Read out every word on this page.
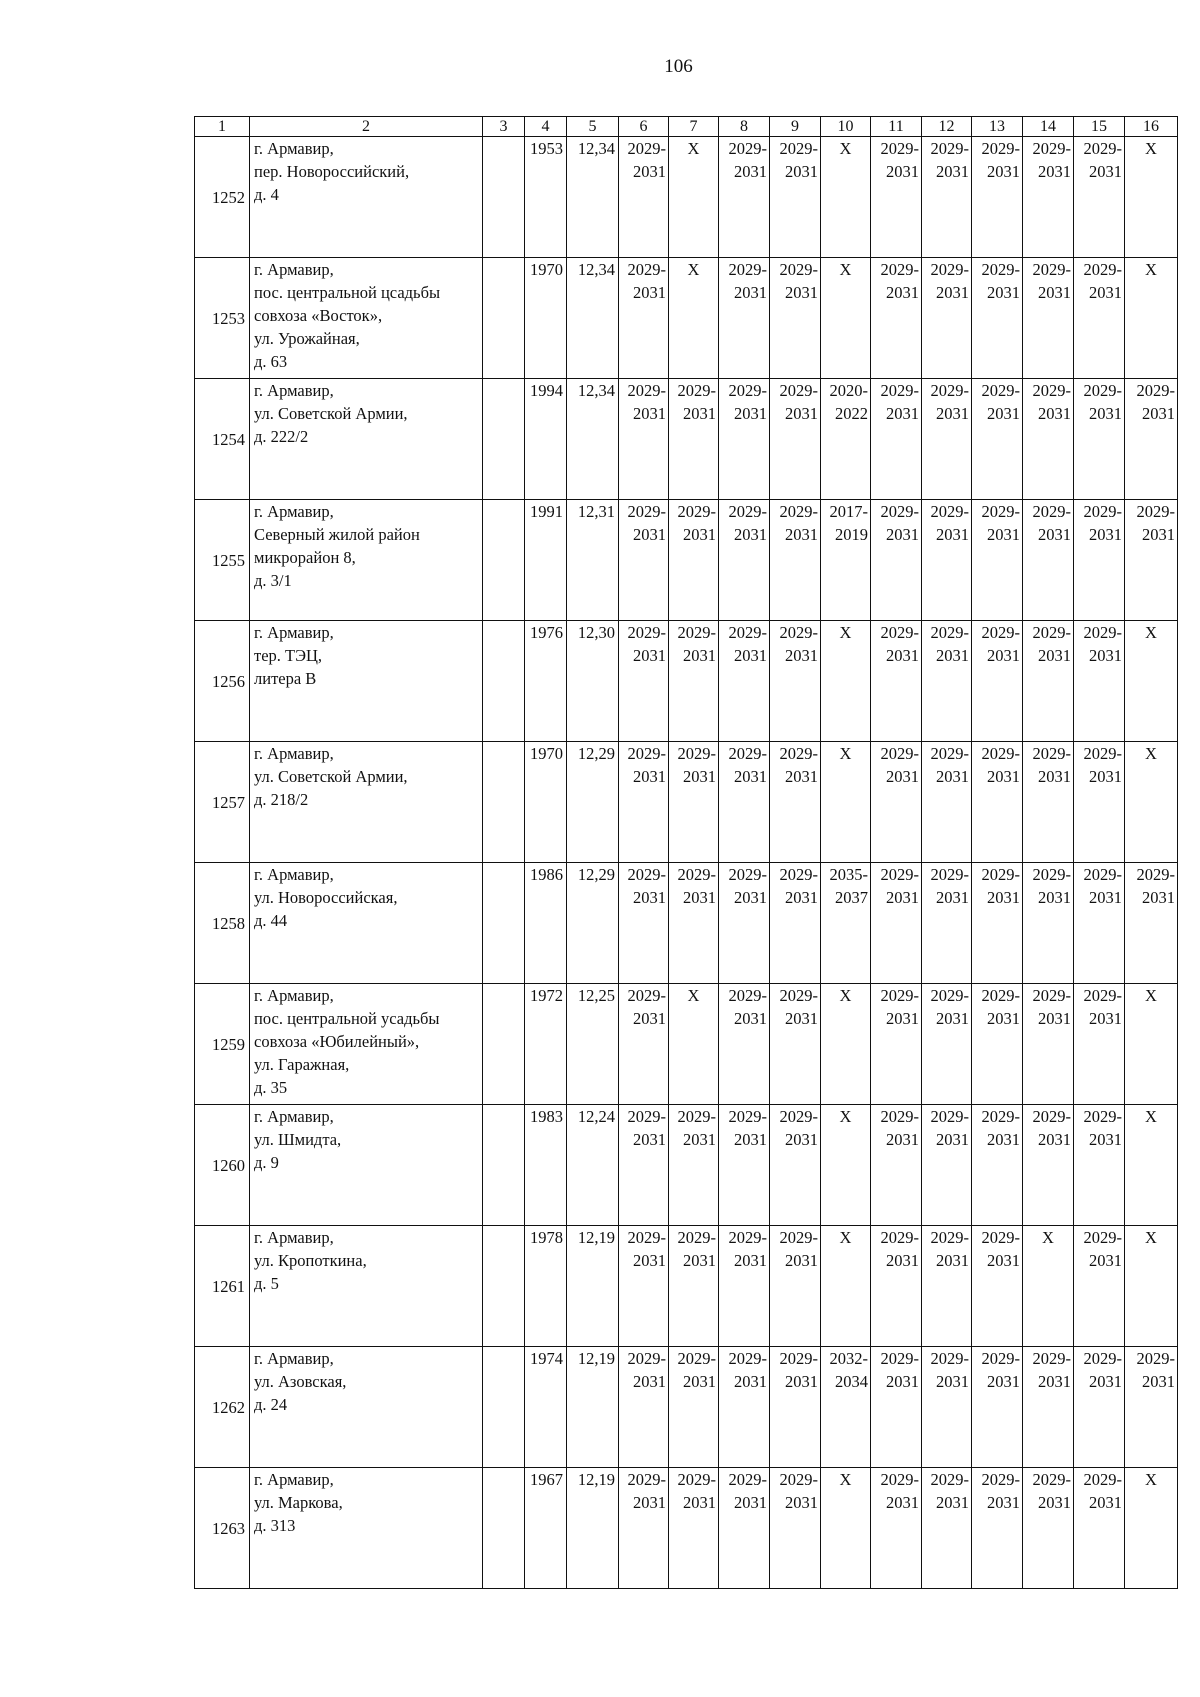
106
1	2	3	4	5	6	7	8	9	10	11	12	13	14	15	16
1252	г. Армавир,
пер. Новороссийский,
д. 4		1953	12,34	2029-
2031	X	2029-
2031	2029-
2031	X	2029-
2031	2029-
2031	2029-
2031	2029-
2031	2029-
2031	X

1253	г. Армавир,
пос. центральной цсадьбы
совхоза «Восток»,
ул. Урожайная,
д. 63		1970	12,34	2029-
2031	X	2029-
2031	2029-
2031	X	2029-
2031	2029-
2031	2029-
2031	2029-
2031	2029-
2031	X

1254	г. Армавир,
ул. Советской Армии,
д. 222/2		1994	12,34	2029-
2031	2029-
2031	2029-
2031	2029-
2031	2020-
2022	2029-
2031	2029-
2031	2029-
2031	2029-
2031	2029-
2031	2029-
2031

1255	г. Армавир,
Северный жилой район
микрорайон 8,
д. 3/1		1991	12,31	2029-
2031	2029-
2031	2029-
2031	2029-
2031	2017-
2019	2029-
2031	2029-
2031	2029-
2031	2029-
2031	2029-
2031	2029-
2031

1256	г. Армавир,
тер. ТЭЦ,
литера В		1976	12,30	2029-
2031	2029-
2031	2029-
2031	2029-
2031	X	2029-
2031	2029-
2031	2029-
2031	2029-
2031	2029-
2031	X

1257	г. Армавир,
ул. Советской Армии,
д. 218/2		1970	12,29	2029-
2031	2029-
2031	2029-
2031	2029-
2031	X	2029-
2031	2029-
2031	2029-
2031	2029-
2031	2029-
2031	X

1258	г. Армавир,
ул. Новороссийская,
д. 44		1986	12,29	2029-
2031	2029-
2031	2029-
2031	2029-
2031	2035-
2037	2029-
2031	2029-
2031	2029-
2031	2029-
2031	2029-
2031	2029-
2031

1259	г. Армавир,
пос. центральной усадьбы
совхоза «Юбилейный»,
ул. Гаражная,
д. 35		1972	12,25	2029-
2031	X	2029-
2031	2029-
2031	X	2029-
2031	2029-
2031	2029-
2031	2029-
2031	2029-
2031	X

1260	г. Армавир,
ул. Шмидта,
д. 9		1983	12,24	2029-
2031	2029-
2031	2029-
2031	2029-
2031	X	2029-
2031	2029-
2031	2029-
2031	2029-
2031	2029-
2031	X

1261	г. Армавир,
ул. Кропоткина,
д. 5		1978	12,19	2029-
2031	2029-
2031	2029-
2031	2029-
2031	X	2029-
2031	2029-
2031	2029-
2031	X	2029-
2031	X

1262	г. Армавир,
ул. Азовская,
д. 24		1974	12,19	2029-
2031	2029-
2031	2029-
2031	2029-
2031	2032-
2034	2029-
2031	2029-
2031	2029-
2031	2029-
2031	2029-
2031	2029-
2031

1263	г. Армавир,
ул. Маркова,
д. 313		1967	12,19	2029-
2031	2029-
2031	2029-
2031	2029-
2031	X	2029-
2031	2029-
2031	2029-
2031	2029-
2031	2029-
2031	X
